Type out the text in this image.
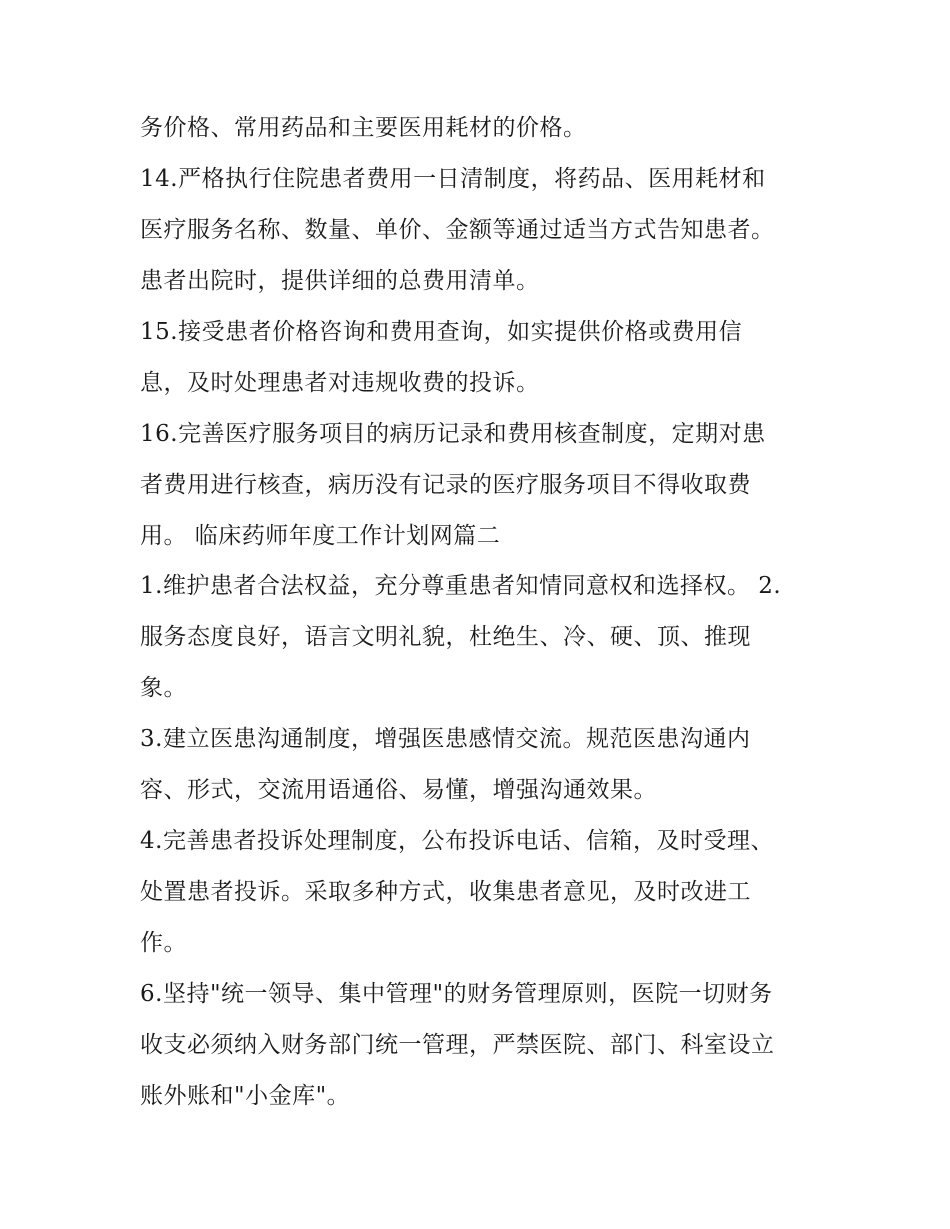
务价格、常用药品和主要医用耗材的价格。
14.严格执行住院患者费用一日清制度，将药品、医用耗材和
医疗服务名称、数量、单价、金额等通过适当方式告知患者。
患者出院时，提供详细的总费用清单。
15.接受患者价格咨询和费用查询，如实提供价格或费用信
息，及时处理患者对违规收费的投诉。
16.完善医疗服务项目的病历记录和费用核查制度，定期对患
者费用进行核查，病历没有记录的医疗服务项目不得收取费
用。 临床药师年度工作计划网篇二
1.维护患者合法权益，充分尊重患者知情同意权和选择权。 2.
服务态度良好，语言文明礼貌，杜绝生、冷、硬、顶、推现
象。
3.建立医患沟通制度，增强医患感情交流。规范医患沟通内
容、形式，交流用语通俗、易懂，增强沟通效果。
4.完善患者投诉处理制度，公布投诉电话、信箱，及时受理、
处置患者投诉。采取多种方式，收集患者意见，及时改进工
作。
6.坚持"统一领导、集中管理"的财务管理原则，医院一切财务
收支必须纳入财务部门统一管理，严禁医院、部门、科室设立
账外账和"小金库"。
